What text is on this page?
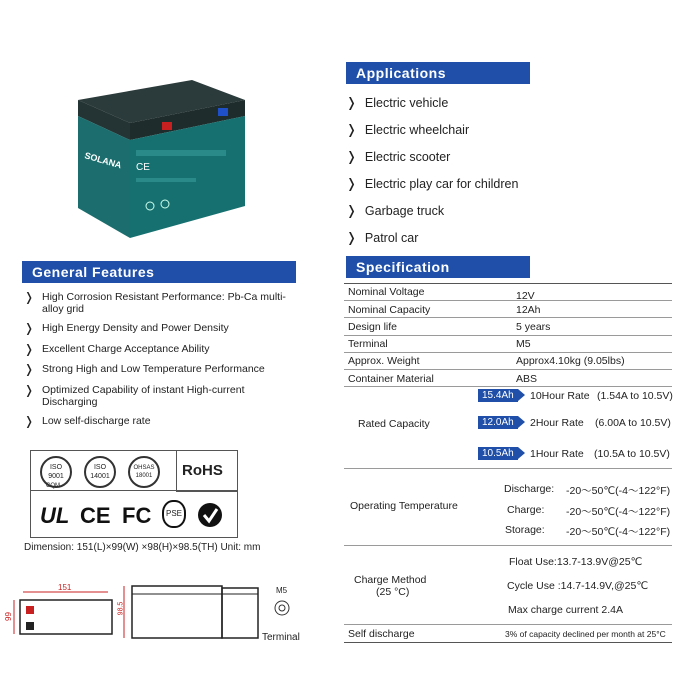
SOLANA CE
Applications
❭ Electric vehicle
❭ Electric wheelchair
❭ Electric scooter
❭ Electric play car for children
❭ Garbage truck
❭ Patrol car
General Features
❭ High Corrosion Resistant Performance: Pb-Ca multi-alloy grid
❭ High Energy Density and Power Density
❭ Excellent Charge Acceptance Ability
❭ Strong High and Low Temperature Performance
❭ Optimized Capability of instant High-current Discharging
❭ Low self-discharge rate
ISO 9001
CQM
ISO 14001
OHSAS 18001	RoHS
UL CE FC	PSE
Dimension: 151(L)×99(W) ×98(H)×98.5(TH) Unit: mm
151
99
98.5
M5
Terminal
Specification
Nominal Voltage	12V
Nominal Capacity	12Ah
Design life	5 years
Terminal	M5
Approx. Weight	Approx4.10kg (9.05lbs)
Container Material	ABS
Rated Capacity
15.4Ah	10Hour Rate (1.54A to 10.5V)
12.0Ah	2Hour Rate (6.00A to 10.5V)
10.5Ah	1Hour Rate (10.5A to 10.5V)
Operating Temperature
Discharge: -20～50℃(-4～122°F)
Charge: -20～50℃(-4～122°F)
Storage: -20～50℃(-4～122°F)
Charge Method
(25 °C)
Float Use:13.7-13.9V@25℃
Cycle Use :14.7-14.9V,@25℃
Max charge current 2.4A
Self discharge	3% of capacity declined per month at 25°C
